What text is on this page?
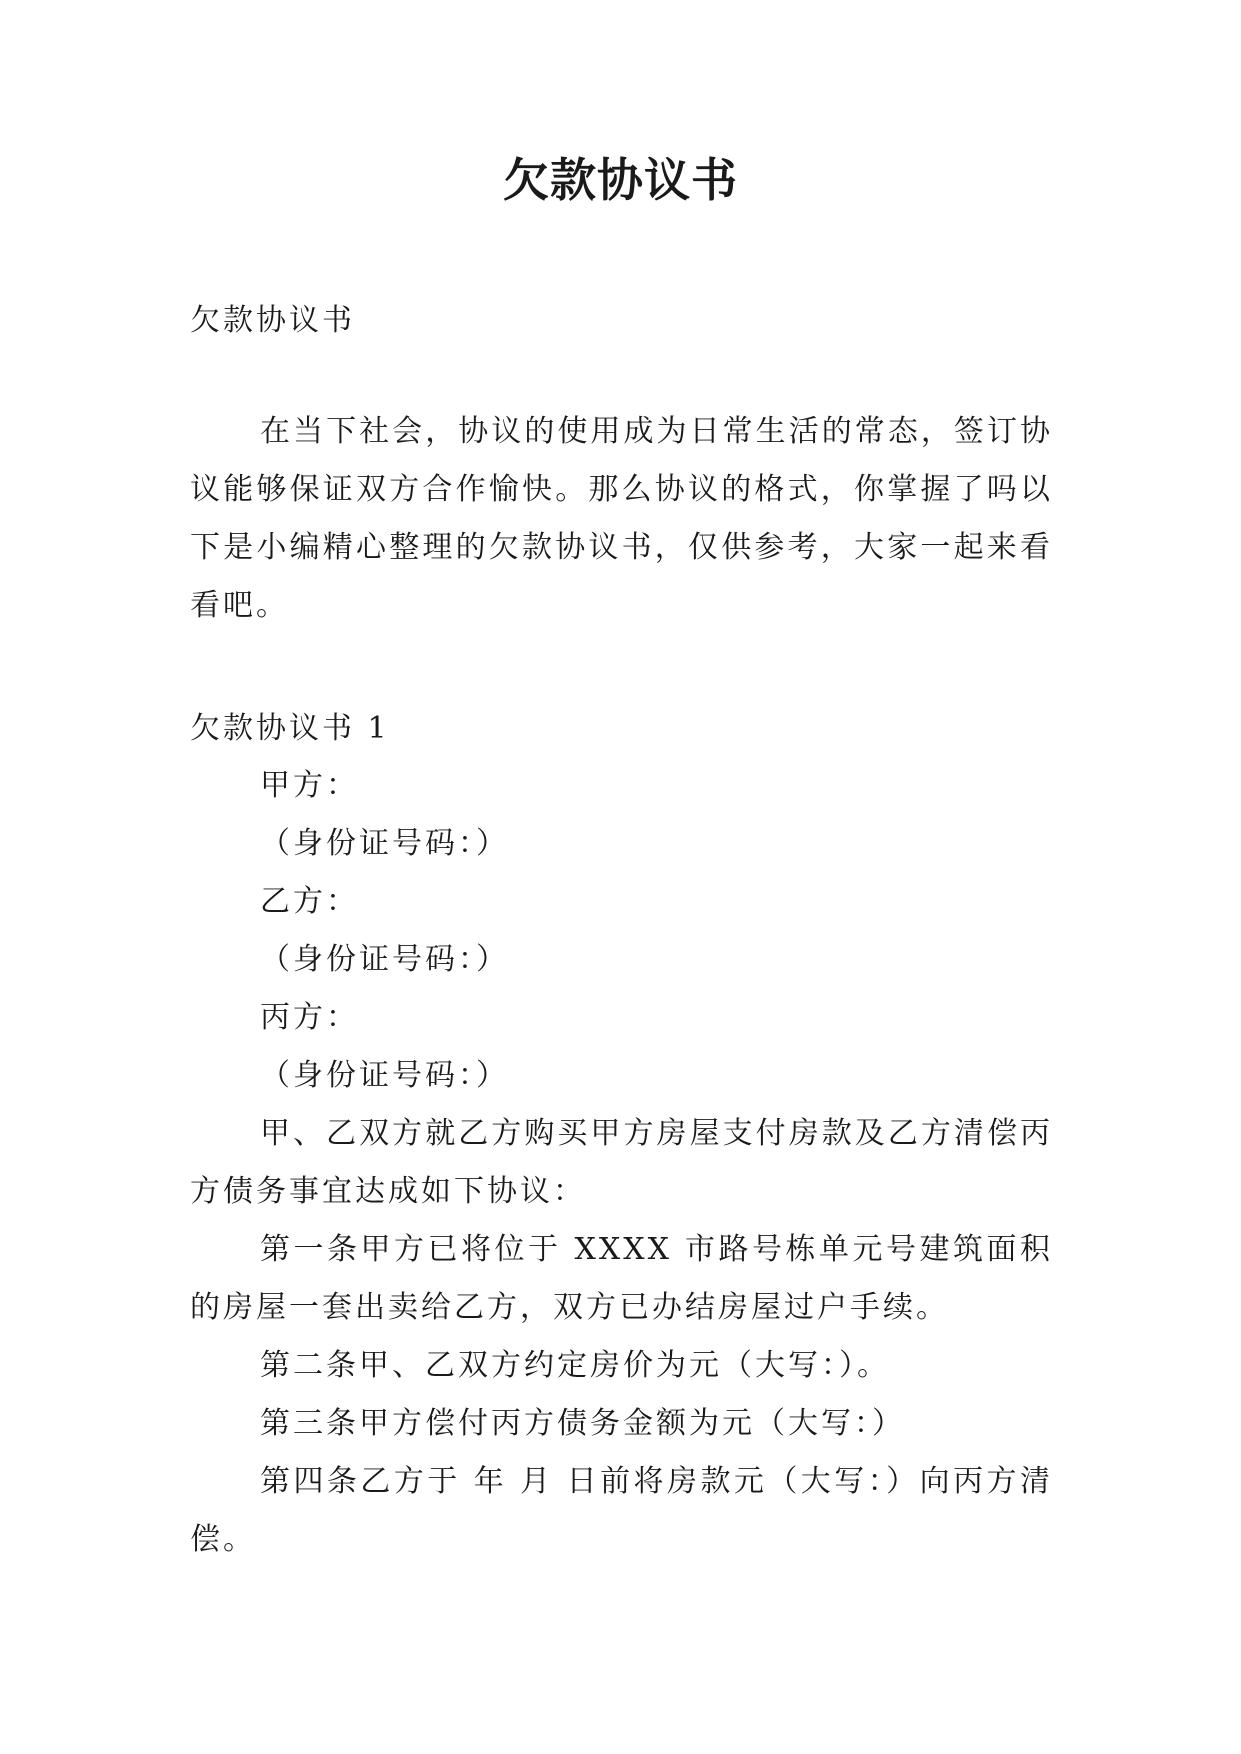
欠款协议书
欠款协议书
在当下社会，协议的使用成为日常生活的常态，签订协议能够保证双方合作愉快。那么协议的格式，你掌握了吗以下是小编精心整理的欠款协议书，仅供参考，大家一起来看看吧。
欠款协议书 1

甲方：

（身份证号码：）

乙方：

（身份证号码：）

丙方：

（身份证号码：）

甲、乙双方就乙方购买甲方房屋支付房款及乙方清偿丙方债务事宜达成如下协议：

第一条甲方已将位于 XXXX 市路号栋单元号建筑面积的房屋一套出卖给乙方，双方已办结房屋过户手续。

第二条甲、乙双方约定房价为元（大写：）。

第三条甲方偿付丙方债务金额为元（大写：）

第四条乙方于 年 月 日前将房款元（大写：）向丙方清偿。
